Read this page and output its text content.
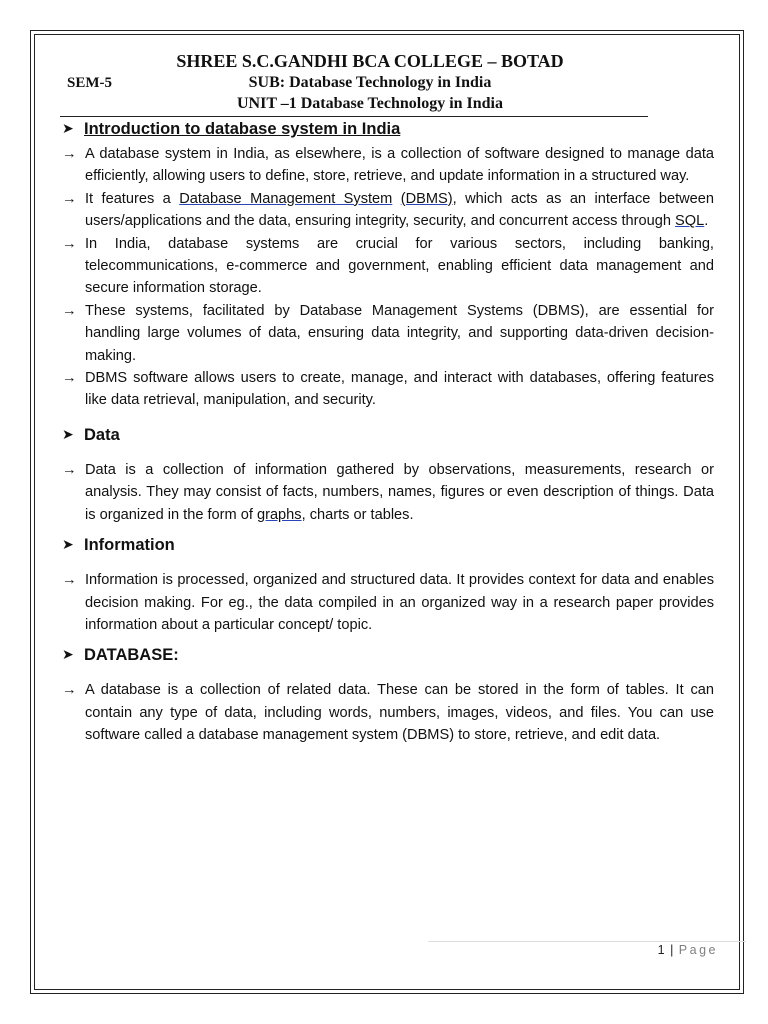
SHREE S.C.GANDHI BCA COLLEGE – BOTAD
SEM-5	SUB: Database Technology in India
UNIT –1 Database Technology in India
➤ Introduction to database system in India
→ A database system in India, as elsewhere, is a collection of software designed to manage data efficiently, allowing users to define, store, retrieve, and update information in a structured way.
→ It features a Database Management System (DBMS), which acts as an interface between users/applications and the data, ensuring integrity, security, and concurrent access through SQL.
→ In India, database systems are crucial for various sectors, including banking, telecommunications, e-commerce and government, enabling efficient data management and secure information storage.
→ These systems, facilitated by Database Management Systems (DBMS), are essential for handling large volumes of data, ensuring data integrity, and supporting data-driven decision- making.
→ DBMS software allows users to create, manage, and interact with databases, offering features like data retrieval, manipulation, and security.
➤ Data
→ Data is a collection of information gathered by observations, measurements, research or analysis. They may consist of facts, numbers, names, figures or even description of things. Data is organized in the form of graphs, charts or tables.
➤ Information
→ Information is processed, organized and structured data. It provides context for data and enables decision making. For eg., the data compiled in an organized way in a research paper provides information about a particular concept/ topic.
➤ DATABASE:
→ A database is a collection of related data. These can be stored in the form of tables. It can contain any type of data, including words, numbers, images, videos, and files. You can use software called a database management system (DBMS) to store, retrieve, and edit data.
1 | Page
